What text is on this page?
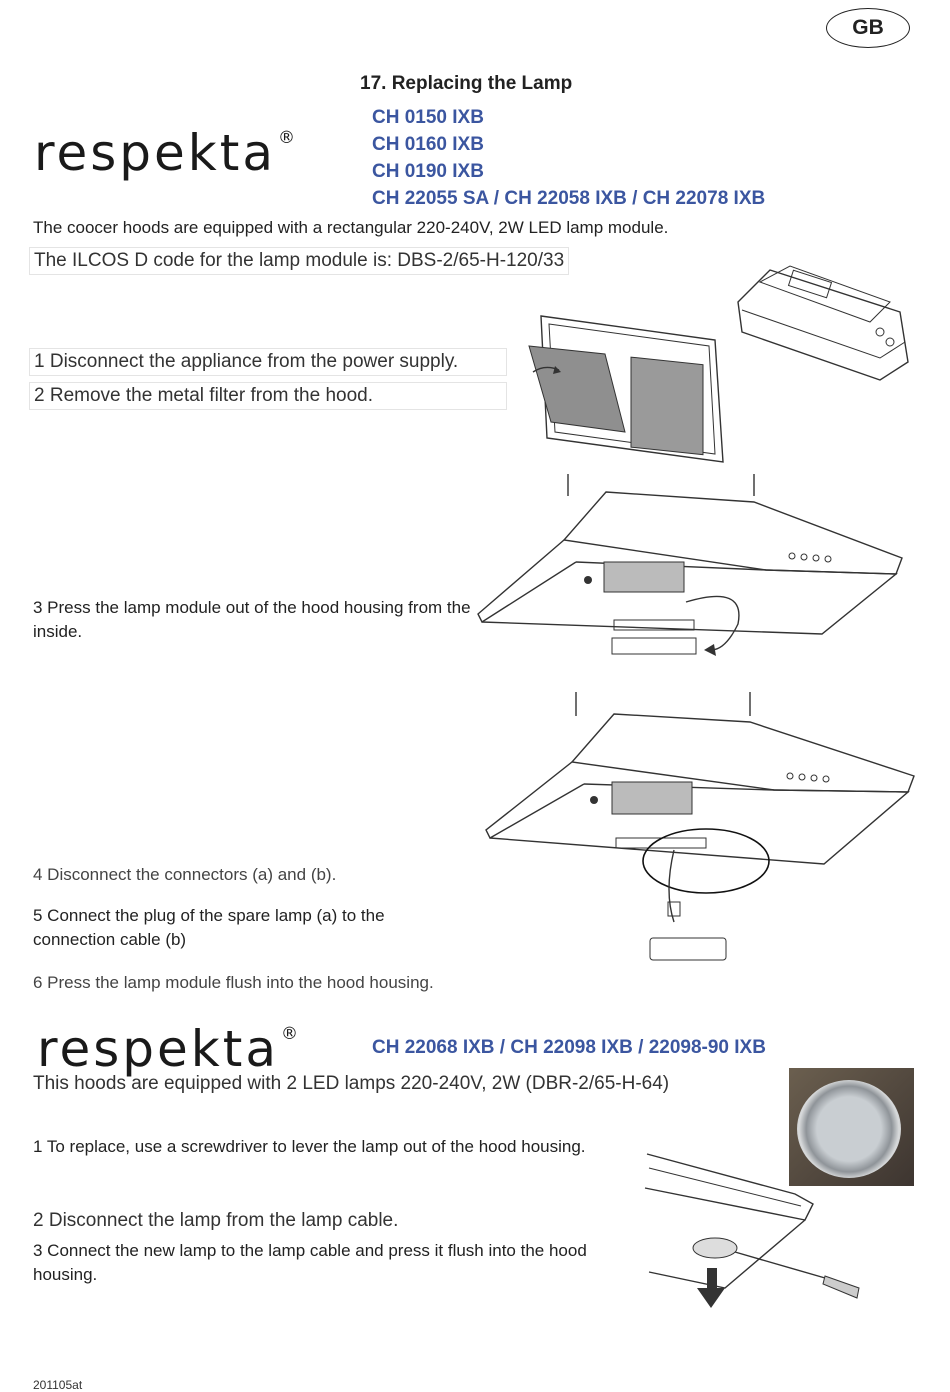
GB
17. Replacing the Lamp
respekta ®
CH 0150 IXB
CH 0160 IXB
CH 0190 IXB
CH 22055 SA / CH 22058 IXB / CH 22078 IXB
The coocer hoods are equipped with a rectangular 220-240V, 2W LED lamp module.
The ILCOS D code for the lamp module is: DBS-2/65-H-120/33
1 Disconnect the appliance from the power supply.
2 Remove the metal filter from the hood.
3 Press the lamp module out of the hood housing from the inside.
4 Disconnect the connectors (a) and (b).
5 Connect the plug of the spare lamp (a) to the connection cable (b)
6 Press the lamp module flush into the hood housing.
respekta ®
CH 22068 IXB / CH 22098 IXB / 22098-90 IXB
This hoods are equipped with 2 LED lamps 220-240V, 2W (DBR-2/65-H-64)
1 To replace, use a screwdriver to lever the lamp out of the hood housing.
2 Disconnect the lamp from the lamp cable.
3 Connect the new lamp to the lamp cable and press it flush into the hood housing.
201105at
